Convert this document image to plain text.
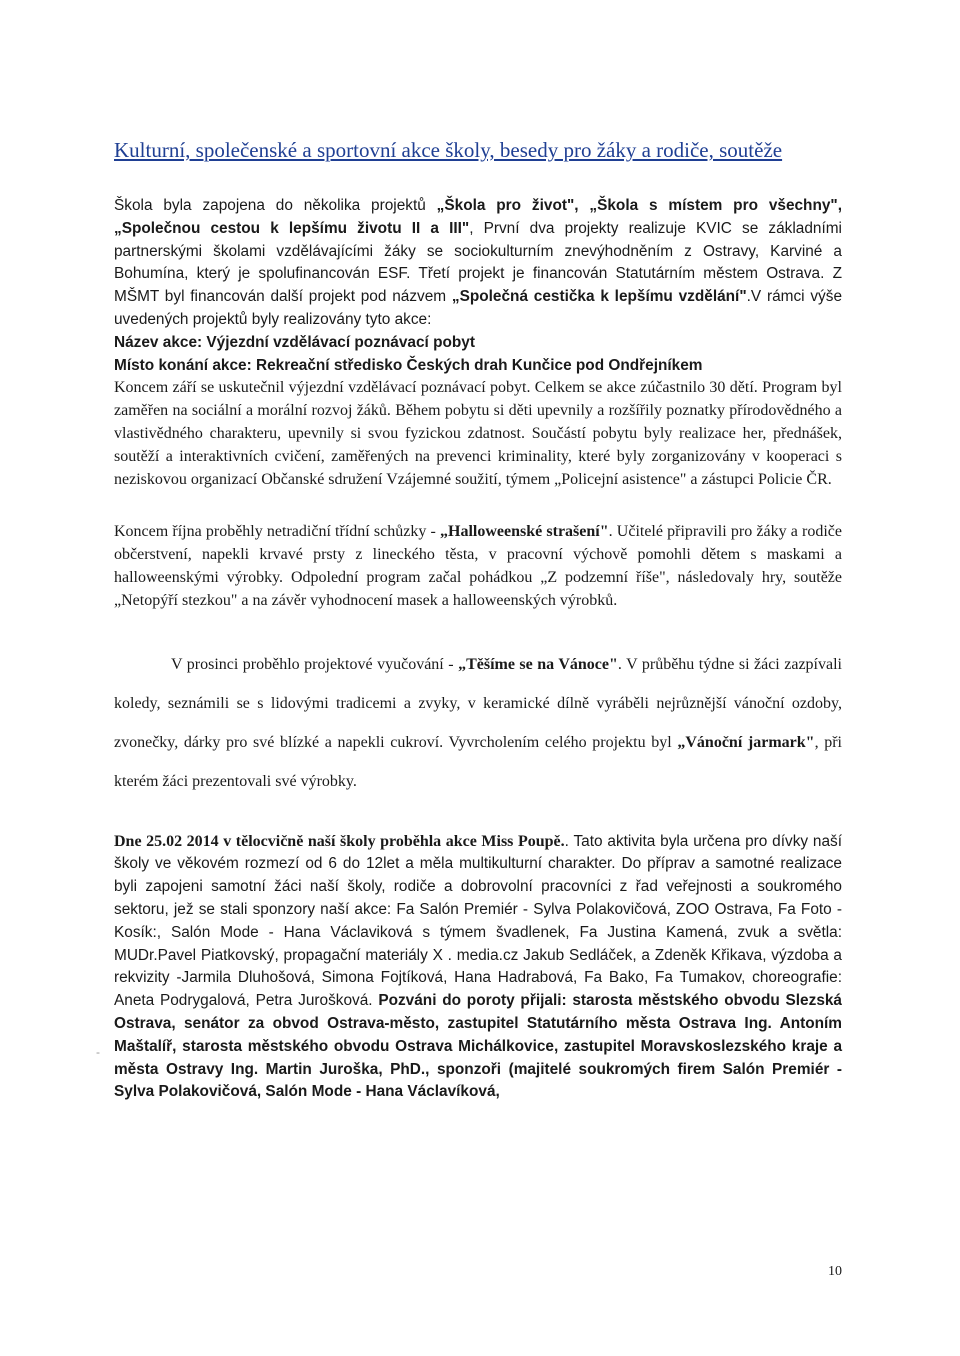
Kulturní, společenské a sportovní akce školy, besedy pro žáky a rodiče, soutěže

Škola byla zapojena do několika projektů „Škola pro život", „Škola s místem pro všechny", „Společnou cestou k lepšímu životu II a III", První dva projekty realizuje KVIC se základními partnerskými školami vzdělávajícími žáky se sociokulturním znevýhodněním z Ostravy, Karviné a Bohumína, který je spolufinancován ESF. Třetí projekt je financován Statutárním městem Ostrava. Z MŠMT byl financován další projekt pod názvem „Společná cestička k lepšímu vzdělání".V rámci výše uvedených projektů byly realizovány tyto akce:

Název akce: Výjezdní vzdělávací poznávací pobyt

Místo konání akce: Rekreační středisko Českých drah Kunčice pod Ondřejníkem

Koncem září se uskutečnil výjezdní vzdělávací poznávací pobyt. Celkem se akce zúčastnilo 30 dětí. Program byl zaměřen na sociální a morální rozvoj žáků. Během pobytu si děti upevnily a rozšířily poznatky přírodovědného a vlastivědného charakteru, upevnily si svou fyzickou zdatnost. Součástí pobytu byly realizace her, přednášek, soutěží a interaktivních cvičení, zaměřených na prevenci kriminality, které byly zorganizovány v kooperaci s neziskovou organizací Občanské sdružení Vzájemné soužití, týmem „Policejní asistence" a zástupci Policie ČR.

Koncem října proběhly netradiční třídní schůzky - „Halloweenské strašení". Učitelé připravili pro žáky a rodiče občerstvení, napekli krvavé prsty z lineckého těsta, v pracovní výchově pomohli dětem s maskami a halloweenskými výrobky. Odpolední program začal pohádkou „Z podzemní říše", následovaly hry, soutěže „Netopýří stezkou" a na závěr vyhodnocení masek a halloweenských výrobků.

V prosinci proběhlo projektové vyučování - „Těšíme se na Vánoce". V průběhu týdne si žáci zazpívali koledy, seznámili se s lidovými tradicemi a zvyky, v keramické dílně vyráběli nejrůznější vánoční ozdoby, zvonečky, dárky pro své blízké a napekli cukroví. Vyvrcholením celého projektu byl „Vánoční jarmark", při kterém žáci prezentovali své výrobky.

Dne 25.02 2014 v tělocvičně naší školy proběhla akce Miss Poupě.. Tato aktivita byla určena pro dívky naší školy ve věkovém rozmezí od 6 do 12let a měla multikulturní charakter. Do příprav a samotné realizace byli zapojeni samotní žáci naší školy, rodiče a dobrovolní pracovníci z řad veřejnosti a soukromého sektoru, jež se stali sponzory naší akce: Fa Salón Premiér - Sylva Polakovičová, ZOO Ostrava, Fa Foto - Kosík:, Salón Mode - Hana Václaviková s týmem švadlenek, Fa Justina Kamená, zvuk a světla: MUDr.Pavel Piatkovský, propagační materiály X . media.cz Jakub Sedláček, a Zdeněk Křikava, výzdoba a rekvizity -Jarmila Dluhošová, Simona Fojtíková, Hana Hadrabová, Fa Bako, Fa Tumakov, choreografie: Aneta Podrygalová, Petra Jurošková. Pozváni do poroty přijali: starosta městského obvodu Slezská Ostrava, senátor za obvod Ostrava-město, zastupitel Statutárního města Ostrava Ing. Antoním Maštalíř, starosta městského obvodu Ostrava Michálkovice, zastupitel Moravskoslezského kraje a města Ostravy Ing. Martin Juroška, PhD., sponzoři (majitelé soukromých firem Salón Premiér - Sylva Polakovičová, Salón Mode - Hana Václavíková,

-
10
